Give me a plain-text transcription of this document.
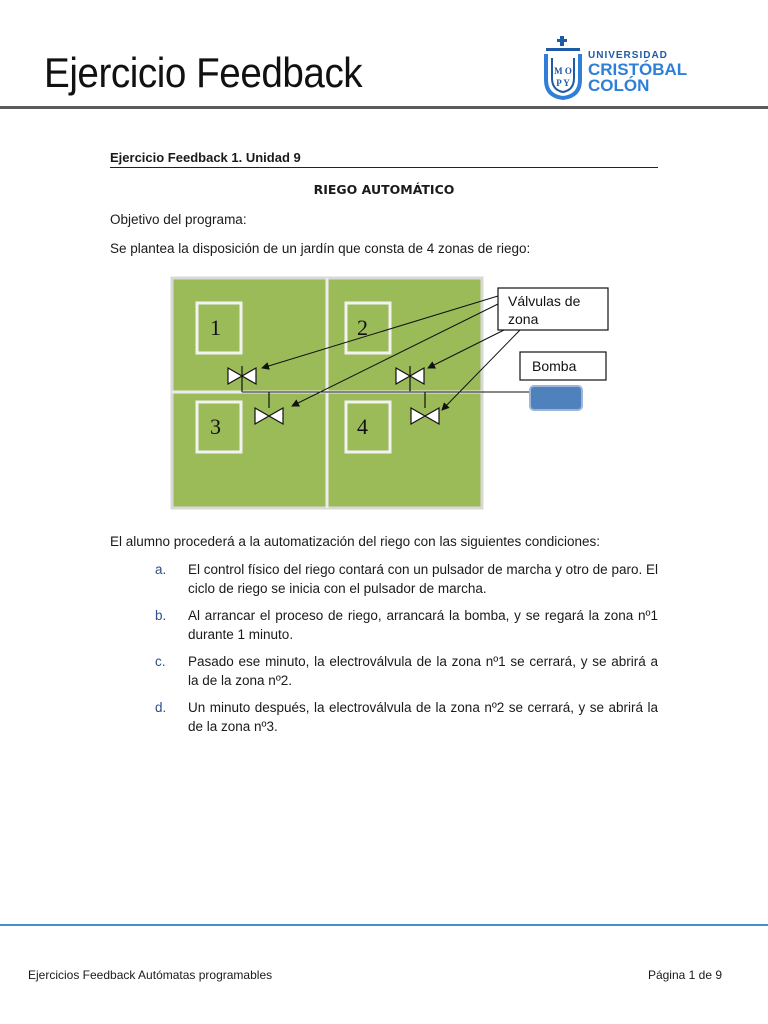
Ejercicio Feedback	M O
P Y
UNIVERSIDAD
CRISTÓBAL
COLÓN
Ejercicio Feedback 1. Unidad 9
RIEGO AUTOMÁTICO
Objetivo del programa:
Se plantea la disposición de un jardín que consta de 4 zonas de riego:
1	2
3	4
Válvulas de
zona
Bomba
El alumno procederá a la automatización del riego con las siguientes condiciones:
a. El control físico del riego contará con un pulsador de marcha y otro de paro. El ciclo de riego se inicia con el pulsador de marcha.
b. Al arrancar el proceso de riego, arrancará la bomba, y se regará la zona nº1 durante 1 minuto.
c. Pasado ese minuto, la electroválvula de la zona nº1 se cerrará, y se abrirá a la de la zona nº2.
d. Un minuto después, la electroválvula de la zona nº2 se cerrará, y se abrirá la de la zona nº3.
Ejercicios Feedback Autómatas programables	Página 1 de 9
